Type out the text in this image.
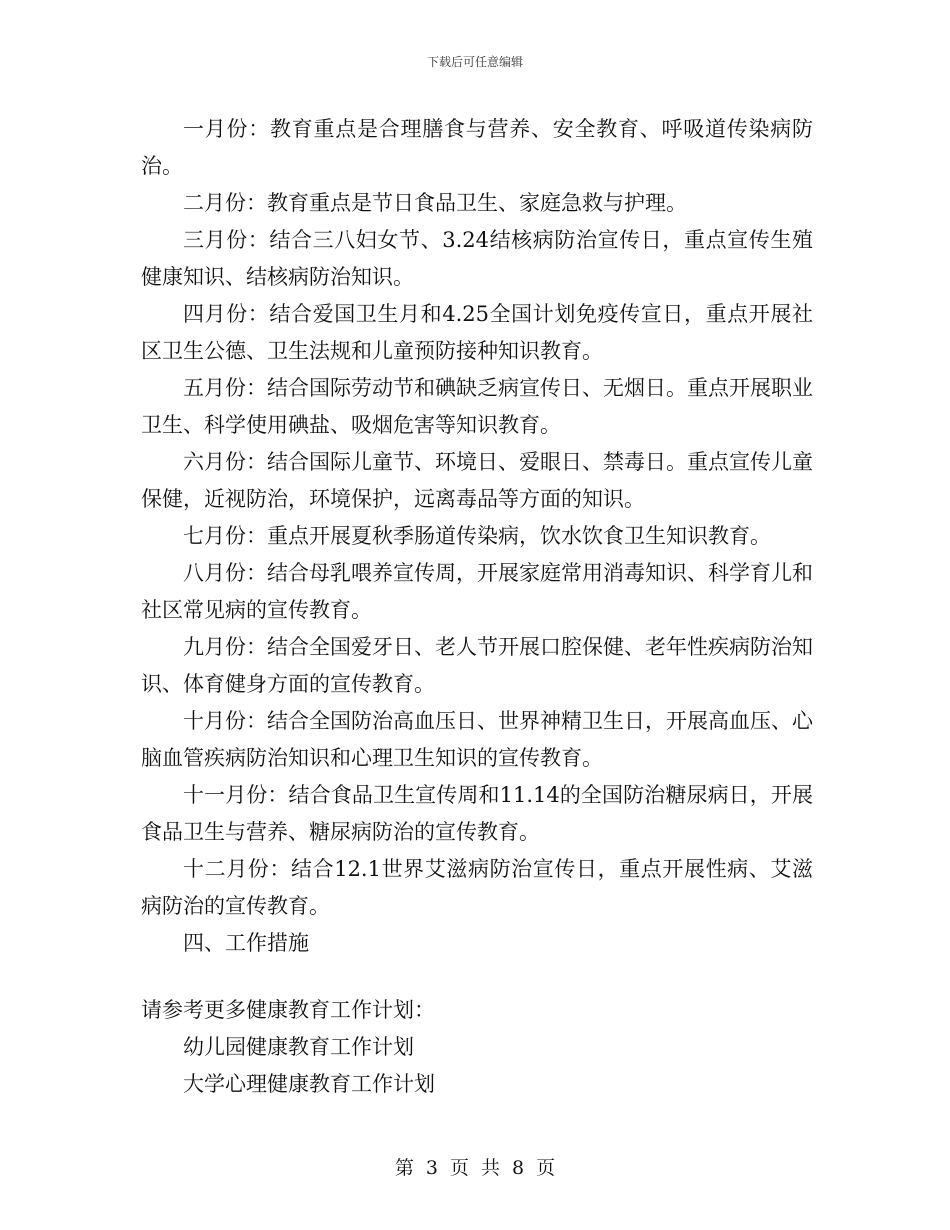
下载后可任意编辑

一月份：教育重点是合理膳食与营养、安全教育、呼吸道传染病防治。

二月份：教育重点是节日食品卫生、家庭急救与护理。

三月份：结合三八妇女节、3.24结核病防治宣传日，重点宣传生殖健康知识、结核病防治知识。

四月份：结合爱国卫生月和4.25全国计划免疫传宣日，重点开展社区卫生公德、卫生法规和儿童预防接种知识教育。

五月份：结合国际劳动节和碘缺乏病宣传日、无烟日。重点开展职业卫生、科学使用碘盐、吸烟危害等知识教育。

六月份：结合国际儿童节、环境日、爱眼日、禁毒日。重点宣传儿童保健，近视防治，环境保护，远离毒品等方面的知识。

七月份：重点开展夏秋季肠道传染病，饮水饮食卫生知识教育。

八月份：结合母乳喂养宣传周，开展家庭常用消毒知识、科学育儿和社区常见病的宣传教育。

九月份：结合全国爱牙日、老人节开展口腔保健、老年性疾病防治知识、体育健身方面的宣传教育。

十月份：结合全国防治高血压日、世界神精卫生日，开展高血压、心脑血管疾病防治知识和心理卫生知识的宣传教育。

十一月份：结合食品卫生宣传周和11.14的全国防治糖尿病日，开展食品卫生与营养、糖尿病防治的宣传教育。

十二月份：结合12.1世界艾滋病防治宣传日，重点开展性病、艾滋病防治的宣传教育。

四、工作措施

请参考更多健康教育工作计划：

幼儿园健康教育工作计划

大学心理健康教育工作计划

第 3 页 共 8 页
